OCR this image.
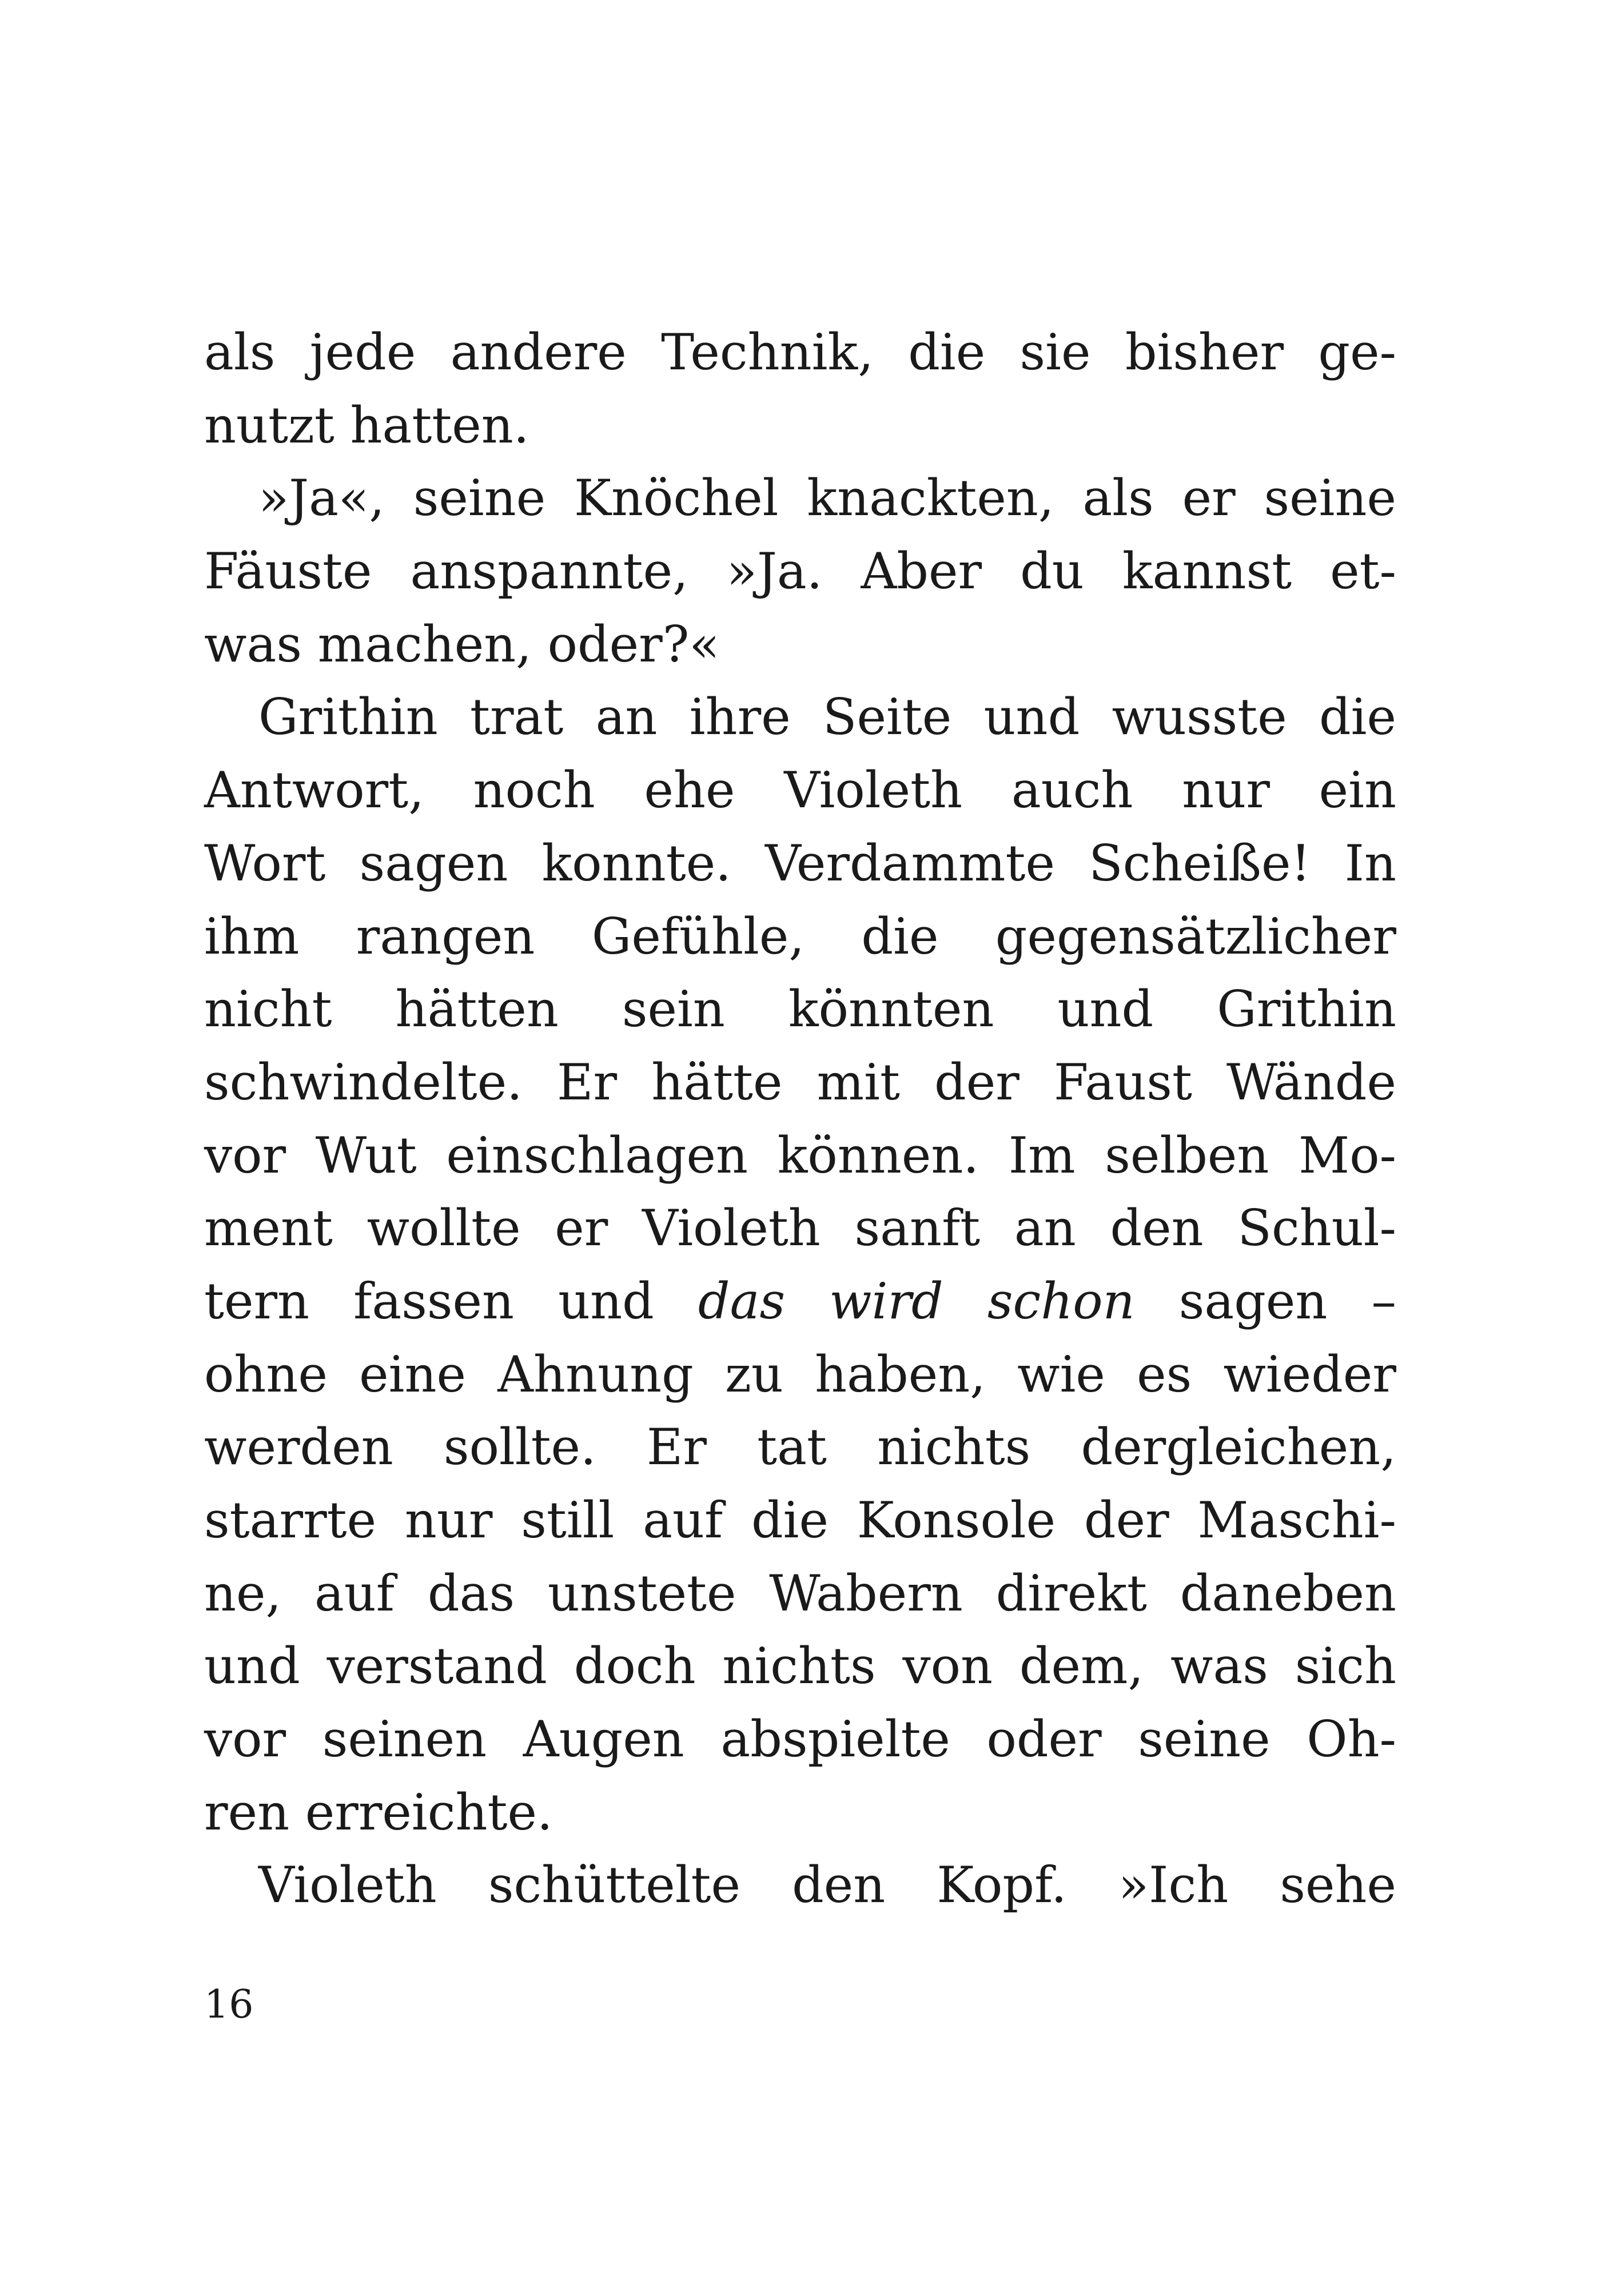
als jede andere Technik, die sie bisher ge-
nutzt hatten.
»Ja«, seine Knöchel knackten, als er seine
Fäuste anspannte, »Ja. Aber du kannst et-
was machen, oder?«
Grithin trat an ihre Seite und wusste die
Antwort, noch ehe Violeth auch nur ein
Wort sagen konnte. Verdammte Scheiße! In
ihm rangen Gefühle, die gegensätzlicher
nicht hätten sein könnten und Grithin
schwindelte. Er hätte mit der Faust Wände
vor Wut einschlagen können. Im selben Mo-
ment wollte er Violeth sanft an den Schul-
tern fassen und das wird schon sagen –
ohne eine Ahnung zu haben, wie es wieder
werden sollte. Er tat nichts dergleichen,
starrte nur still auf die Konsole der Maschi-
ne, auf das unstete Wabern direkt daneben
und verstand doch nichts von dem, was sich
vor seinen Augen abspielte oder seine Oh-
ren erreichte.
Violeth schüttelte den Kopf. »Ich sehe
16
